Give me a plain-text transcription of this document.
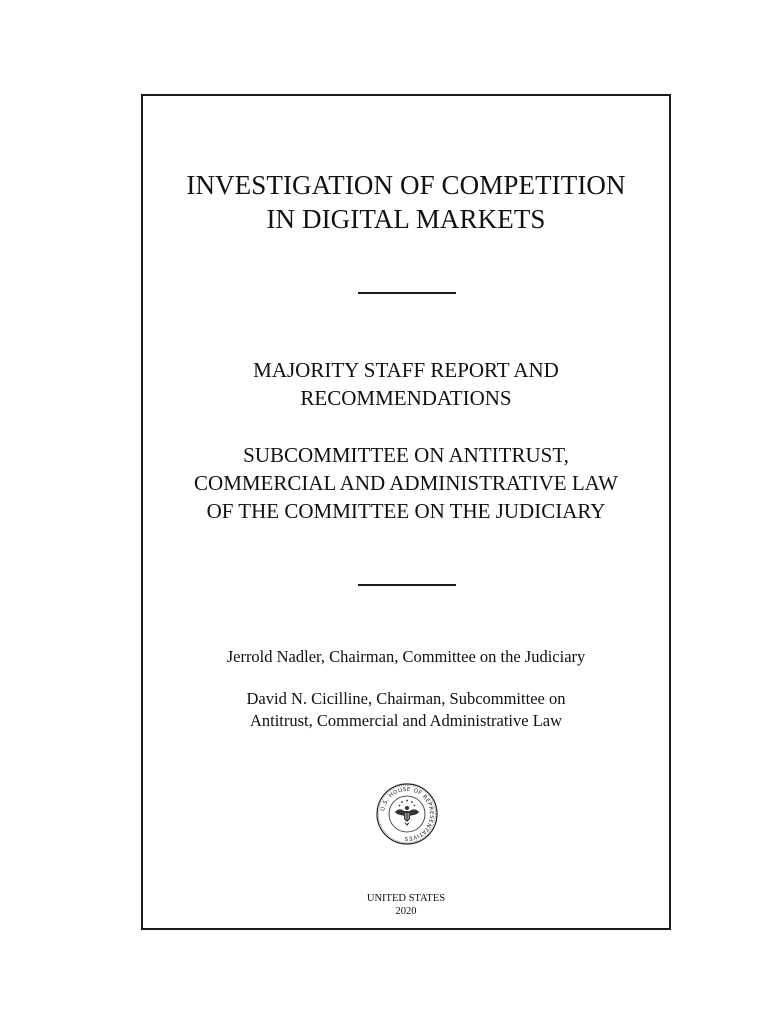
INVESTIGATION OF COMPETITION
IN DIGITAL MARKETS
MAJORITY STAFF REPORT AND
RECOMMENDATIONS
SUBCOMMITTEE ON ANTITRUST,
COMMERCIAL AND ADMINISTRATIVE LAW
OF THE COMMITTEE ON THE JUDICIARY
Jerrold Nadler, Chairman, Committee on the Judiciary
David N. Cicilline, Chairman, Subcommittee on
Antitrust, Commercial and Administrative Law
U.S. HOUSE OF REPRESENTATIVES
UNITED STATES
2020
